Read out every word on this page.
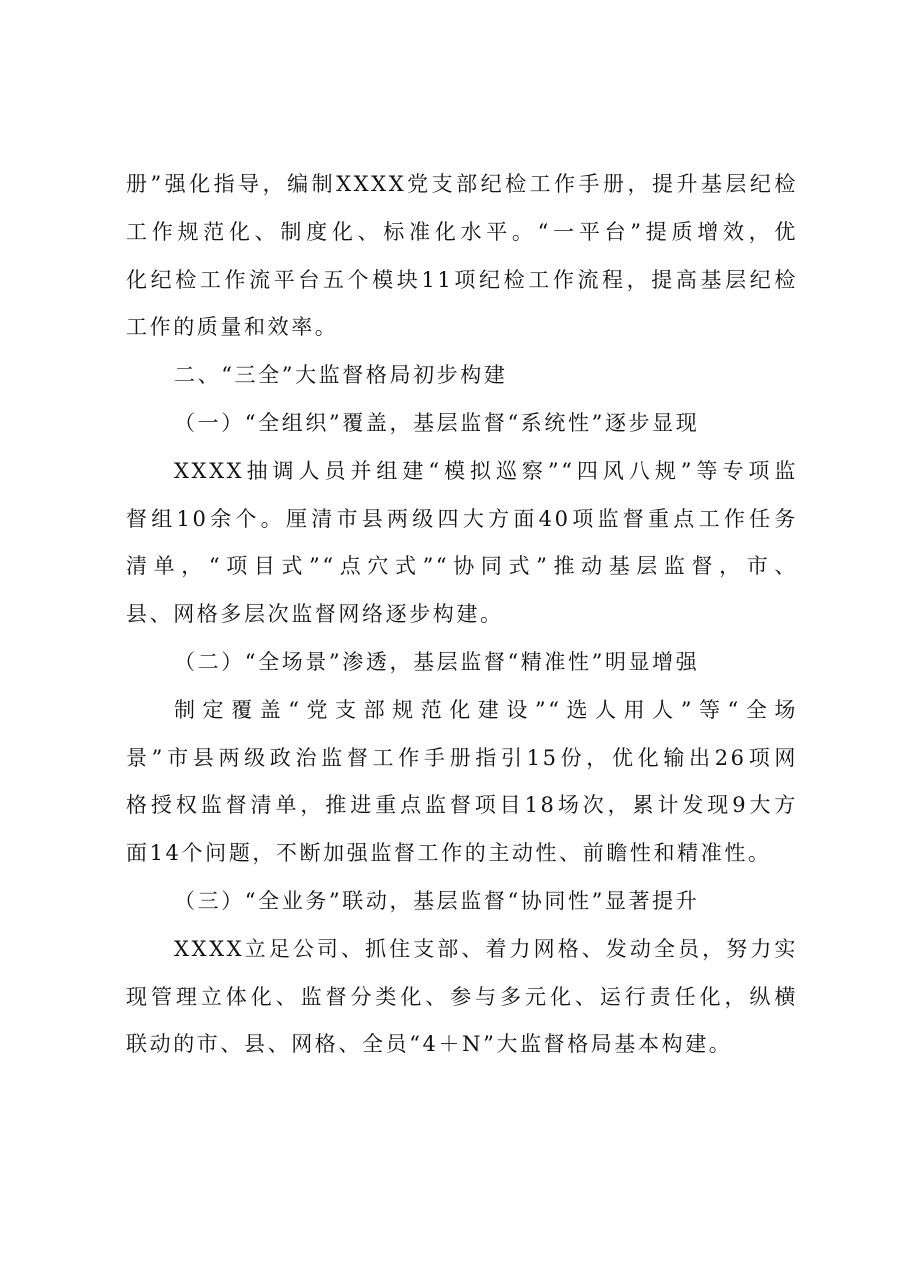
册”强化指导，编制XXXX党支部纪检工作手册，提升基层纪检
工作规范化、制度化、标准化水平。“一平台”提质增效，优
化纪检工作流平台五个模块11项纪检工作流程，提高基层纪检
工作的质量和效率。
二、“三全”大监督格局初步构建
（一）“全组织”覆盖，基层监督“系统性”逐步显现
XXXX抽调人员并组建“模拟巡察”“四风八规”等专项监
督组10余个。厘清市县两级四大方面40项监督重点工作任务
清单，“项目式”“点穴式”“协同式”推动基层监督，市、
县、网格多层次监督网络逐步构建。
（二）“全场景”渗透，基层监督“精准性”明显增强
制定覆盖“党支部规范化建设”“选人用人”等“全场
景”市县两级政治监督工作手册指引15份，优化输出26项网
格授权监督清单，推进重点监督项目18场次，累计发现9大方
面14个问题，不断加强监督工作的主动性、前瞻性和精准性。
（三）“全业务”联动，基层监督“协同性”显著提升
XXXX立足公司、抓住支部、着力网格、发动全员，努力实
现管理立体化、监督分类化、参与多元化、运行责任化，纵横
联动的市、县、网格、全员“4＋N”大监督格局基本构建。
